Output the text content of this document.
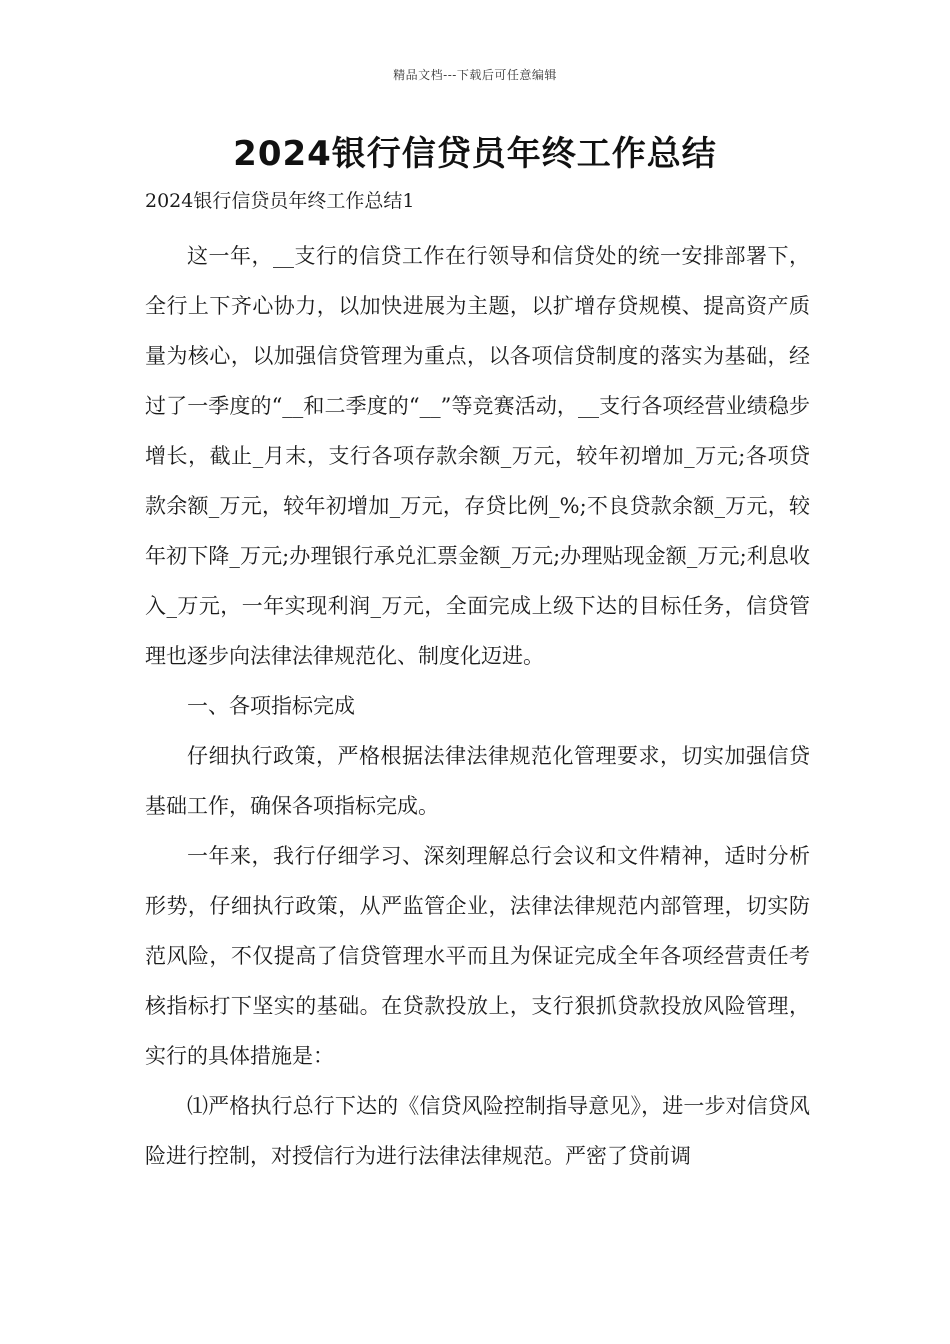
精品文档---下载后可任意编辑
2024银行信贷员年终工作总结
2024银行信贷员年终工作总结1

这一年，__支行的信贷工作在行领导和信贷处的统一安排部署下，全行上下齐心协力，以加快进展为主题，以扩增存贷规模、提高资产质量为核心，以加强信贷管理为重点，以各项信贷制度的落实为基础，经过了一季度的“__和二季度的“__”等竞赛活动，__支行各项经营业绩稳步增长，截止_月末，支行各项存款余额_万元，较年初增加_万元;各项贷款余额_万元，较年初增加_万元，存贷比例_%;不良贷款余额_万元，较年初下降_万元;办理银行承兑汇票金额_万元;办理贴现金额_万元;利息收入_万元，一年实现利润_万元，全面完成上级下达的目标任务，信贷管理也逐步向法律法律规范化、制度化迈进。

一、各项指标完成

仔细执行政策，严格根据法律法律规范化管理要求，切实加强信贷基础工作，确保各项指标完成。

一年来，我行仔细学习、深刻理解总行会议和文件精神，适时分析形势，仔细执行政策，从严监管企业，法律法律规范内部管理，切实防范风险，不仅提高了信贷管理水平而且为保证完成全年各项经营责任考核指标打下坚实的基础。在贷款投放上，支行狠抓贷款投放风险管理，实行的具体措施是：

⑴严格执行总行下达的《信贷风险控制指导意见》，进一步对信贷风险进行控制，对授信行为进行法律法律规范。严密了贷前调
